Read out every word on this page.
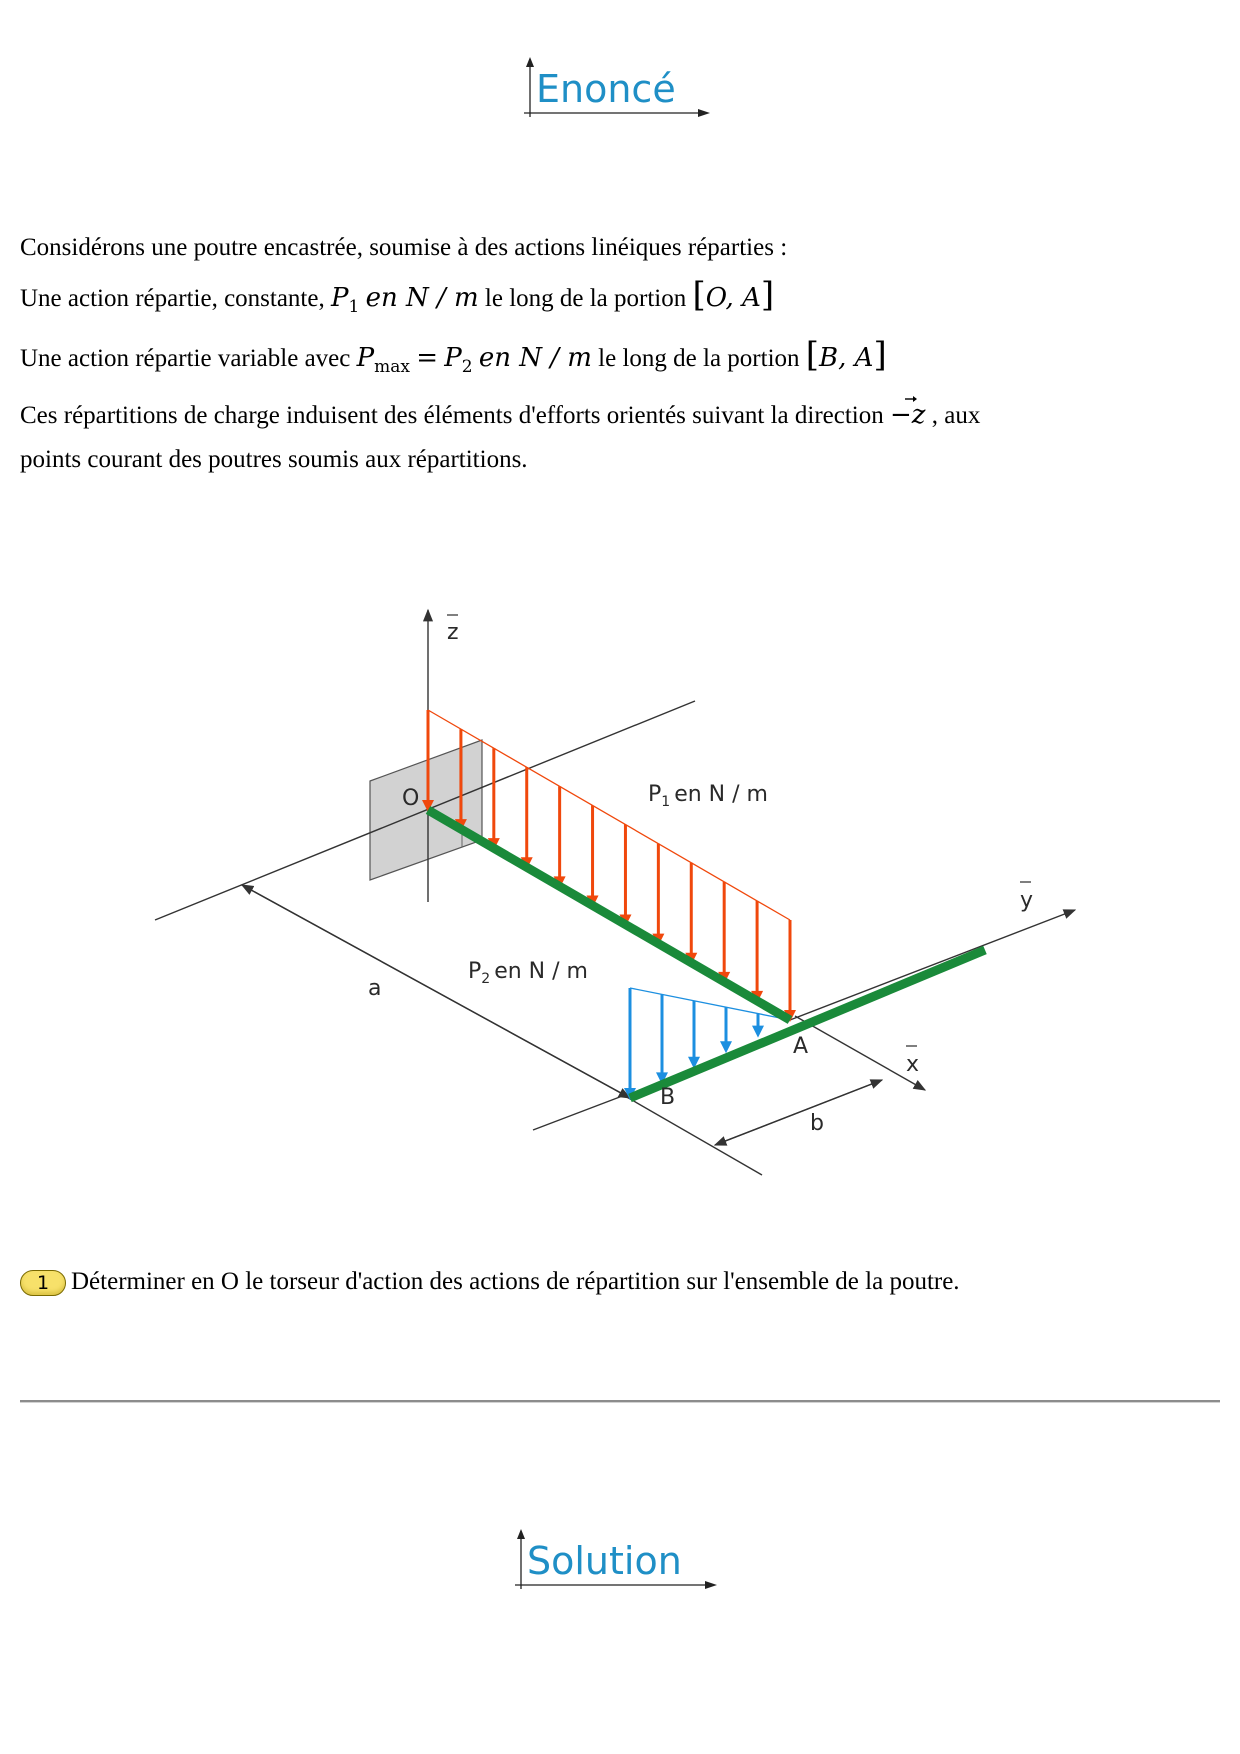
Enoncé
Considérons une poutre encastrée, soumise à des actions linéiques réparties :
Une action répartie, constante, $P_1$ en N / m le long de la portion [O, A]
Une action répartie variable avec $P_{max} = P_2$ en N / m le long de la portion [B, A]
Ces répartitions de charge induisent des éléments d'efforts orientés suivant la direction −z , aux
points courant des poutres soumis aux répartitions.
z
y
x
O
A
B
a
b
$P_1$ en N / m
$P_2$ en N / m
1 Déterminer en O le torseur d'action des actions de répartition sur l'ensemble de la poutre.
Solution
